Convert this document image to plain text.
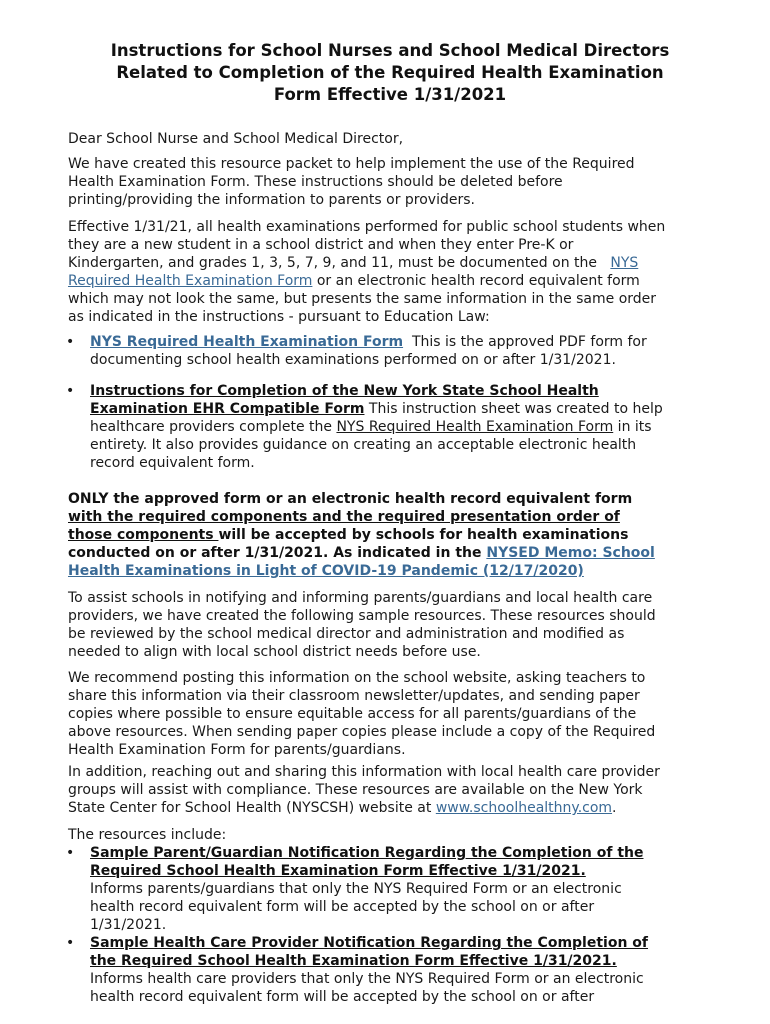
Instructions for School Nurses and School Medical Directors
Related to Completion of the Required Health Examination
Form Effective 1/31/2021
Dear School Nurse and School Medical Director,
We have created this resource packet to help implement the use of the Required
Health Examination Form. These instructions should be deleted before
printing/providing the information to parents or providers.
Effective 1/31/21, all health examinations performed for public school students when
they are a new student in a school district and when they enter Pre-K or
Kindergarten, and grades 1, 3, 5, 7, 9, and 11, must be documented on the NYS
Required Health Examination Form or an electronic health record equivalent form
which may not look the same, but presents the same information in the same order
as indicated in the instructions - pursuant to Education Law:
• NYS Required Health Examination Form  This is the approved PDF form for
documenting school health examinations performed on or after 1/31/2021.
• Instructions for Completion of the New York State School Health
Examination EHR Compatible Form This instruction sheet was created to help
healthcare providers complete the NYS Required Health Examination Form in its
entirety. It also provides guidance on creating an acceptable electronic health
record equivalent form.
ONLY the approved form or an electronic health record equivalent form
with the required components and the required presentation order of
those components will be accepted by schools for health examinations
conducted on or after 1/31/2021. As indicated in the NYSED Memo: School
Health Examinations in Light of COVID-19 Pandemic (12/17/2020)
To assist schools in notifying and informing parents/guardians and local health care
providers, we have created the following sample resources. These resources should
be reviewed by the school medical director and administration and modified as
needed to align with local school district needs before use.
We recommend posting this information on the school website, asking teachers to
share this information via their classroom newsletter/updates, and sending paper
copies where possible to ensure equitable access for all parents/guardians of the
above resources. When sending paper copies please include a copy of the Required
Health Examination Form for parents/guardians.
In addition, reaching out and sharing this information with local health care provider
groups will assist with compliance. These resources are available on the New York
State Center for School Health (NYSCSH) website at www.schoolhealthny.com.
The resources include:
• Sample Parent/Guardian Notification Regarding the Completion of the
Required School Health Examination Form Effective 1/31/2021.
Informs parents/guardians that only the NYS Required Form or an electronic
health record equivalent form will be accepted by the school on or after
1/31/2021.
• Sample Health Care Provider Notification Regarding the Completion of
the Required School Health Examination Form Effective 1/31/2021.
Informs health care providers that only the NYS Required Form or an electronic
health record equivalent form will be accepted by the school on or after
